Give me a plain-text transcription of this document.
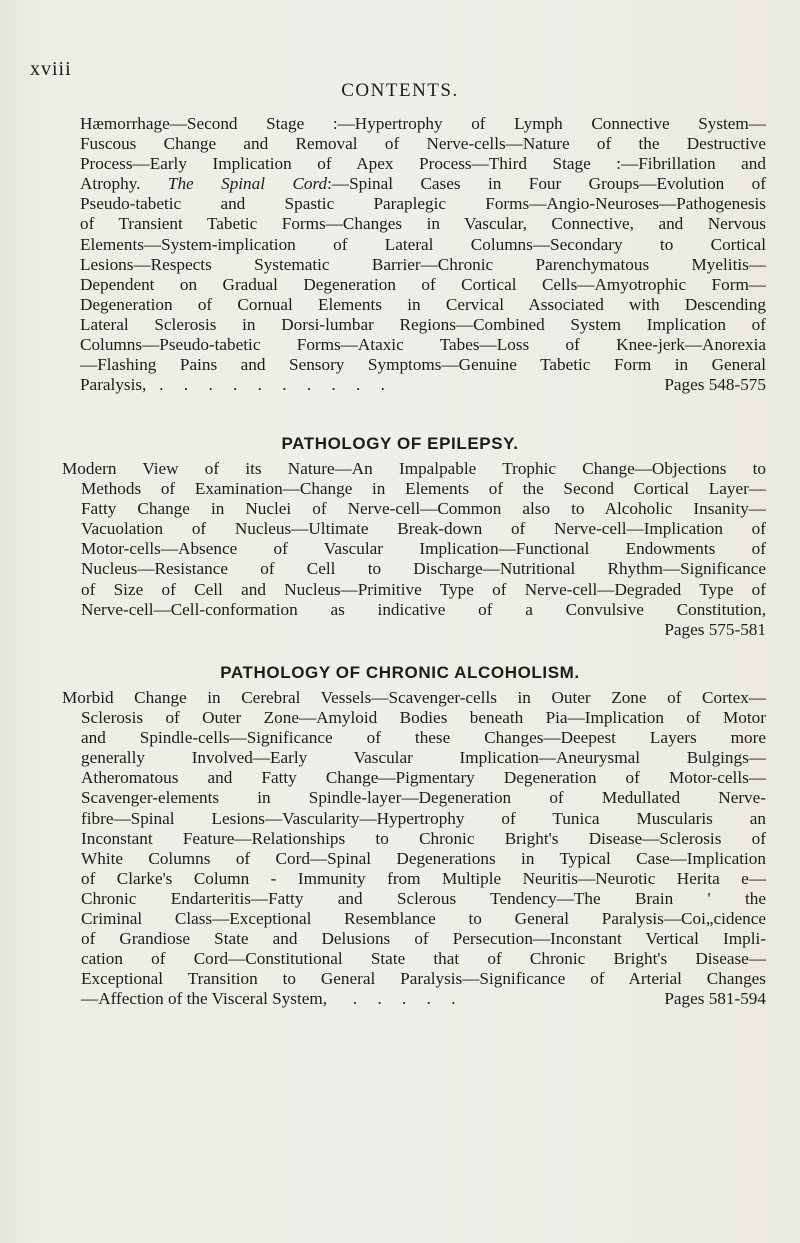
xviii
CONTENTS.
Hæmorrhage—Second Stage :—Hypertrophy of Lymph Connective System—
Fuscous Change and Removal of Nerve-cells—Nature of the Destructive
Process—Early Implication of Apex Process—Third Stage :—Fibrillation and
Atrophy. The Spinal Cord:—Spinal Cases in Four Groups—Evolution of
Pseudo-tabetic and Spastic Paraplegic Forms—Angio-Neuroses—Pathogenesis
of Transient Tabetic Forms—Changes in Vascular, Connective, and Nervous
Elements—System-implication of Lateral Columns—Secondary to Cortical
Lesions—Respects Systematic Barrier—Chronic Parenchymatous Myelitis—
Dependent on Gradual Degeneration of Cortical Cells—Amyotrophic Form—
Degeneration of Cornual Elements in Cervical Associated with Descending
Lateral Sclerosis in Dorsi-lumbar Regions—Combined System Implication of
Columns—Pseudo-tabetic Forms—Ataxic Tabes—Loss of Knee-jerk—Anorexia
—Flashing Pains and Sensory Symptoms—Genuine Tabetic Form in General
Paralysis, . . . . . . . . . .	Pages 548-575
PATHOLOGY OF EPILEPSY.
Modern View of its Nature—An Impalpable Trophic Change—Objections to
Methods of Examination—Change in Elements of the Second Cortical Layer—
Fatty Change in Nuclei of Nerve-cell—Common also to Alcoholic Insanity—
Vacuolation of Nucleus—Ultimate Break-down of Nerve-cell—Implication of
Motor-cells—Absence of Vascular Implication—Functional Endowments of
Nucleus—Resistance of Cell to Discharge—Nutritional Rhythm—Significance
of Size of Cell and Nucleus—Primitive Type of Nerve-cell—Degraded Type of
Nerve-cell—Cell-conformation as indicative of a Convulsive Constitution,
Pages 575-581
PATHOLOGY OF CHRONIC ALCOHOLISM.
Morbid Change in Cerebral Vessels—Scavenger-cells in Outer Zone of Cortex—
Sclerosis of Outer Zone—Amyloid Bodies beneath Pia—Implication of Motor
and Spindle-cells—Significance of these Changes—Deepest Layers more
generally Involved—Early Vascular Implication—Aneurysmal Bulgings—
Atheromatous and Fatty Change—Pigmentary Degeneration of Motor-cells—
Scavenger-elements in Spindle-layer—Degeneration of Medullated Nerve-
fibre—Spinal Lesions—Vascularity—Hypertrophy of Tunica Muscularis an
Inconstant Feature—Relationships to Chronic Bright's Disease—Sclerosis of
White Columns of Cord—Spinal Degenerations in Typical Case—Implication
of Clarke's Column - Immunity from Multiple Neuritis—Neurotic Herita e—
Chronic Endarteritis—Fatty and Sclerous Tendency—The Brain ' the
Criminal Class—Exceptional Resemblance to General Paralysis—Coi„cidence
of Grandiose State and Delusions of Persecution—Inconstant Vertical Impli-
cation of Cord—Constitutional State that of Chronic Bright's Disease—
Exceptional Transition to General Paralysis—Significance of Arterial Changes
—Affection of the Visceral System, . . . . .	Pages 581-594
